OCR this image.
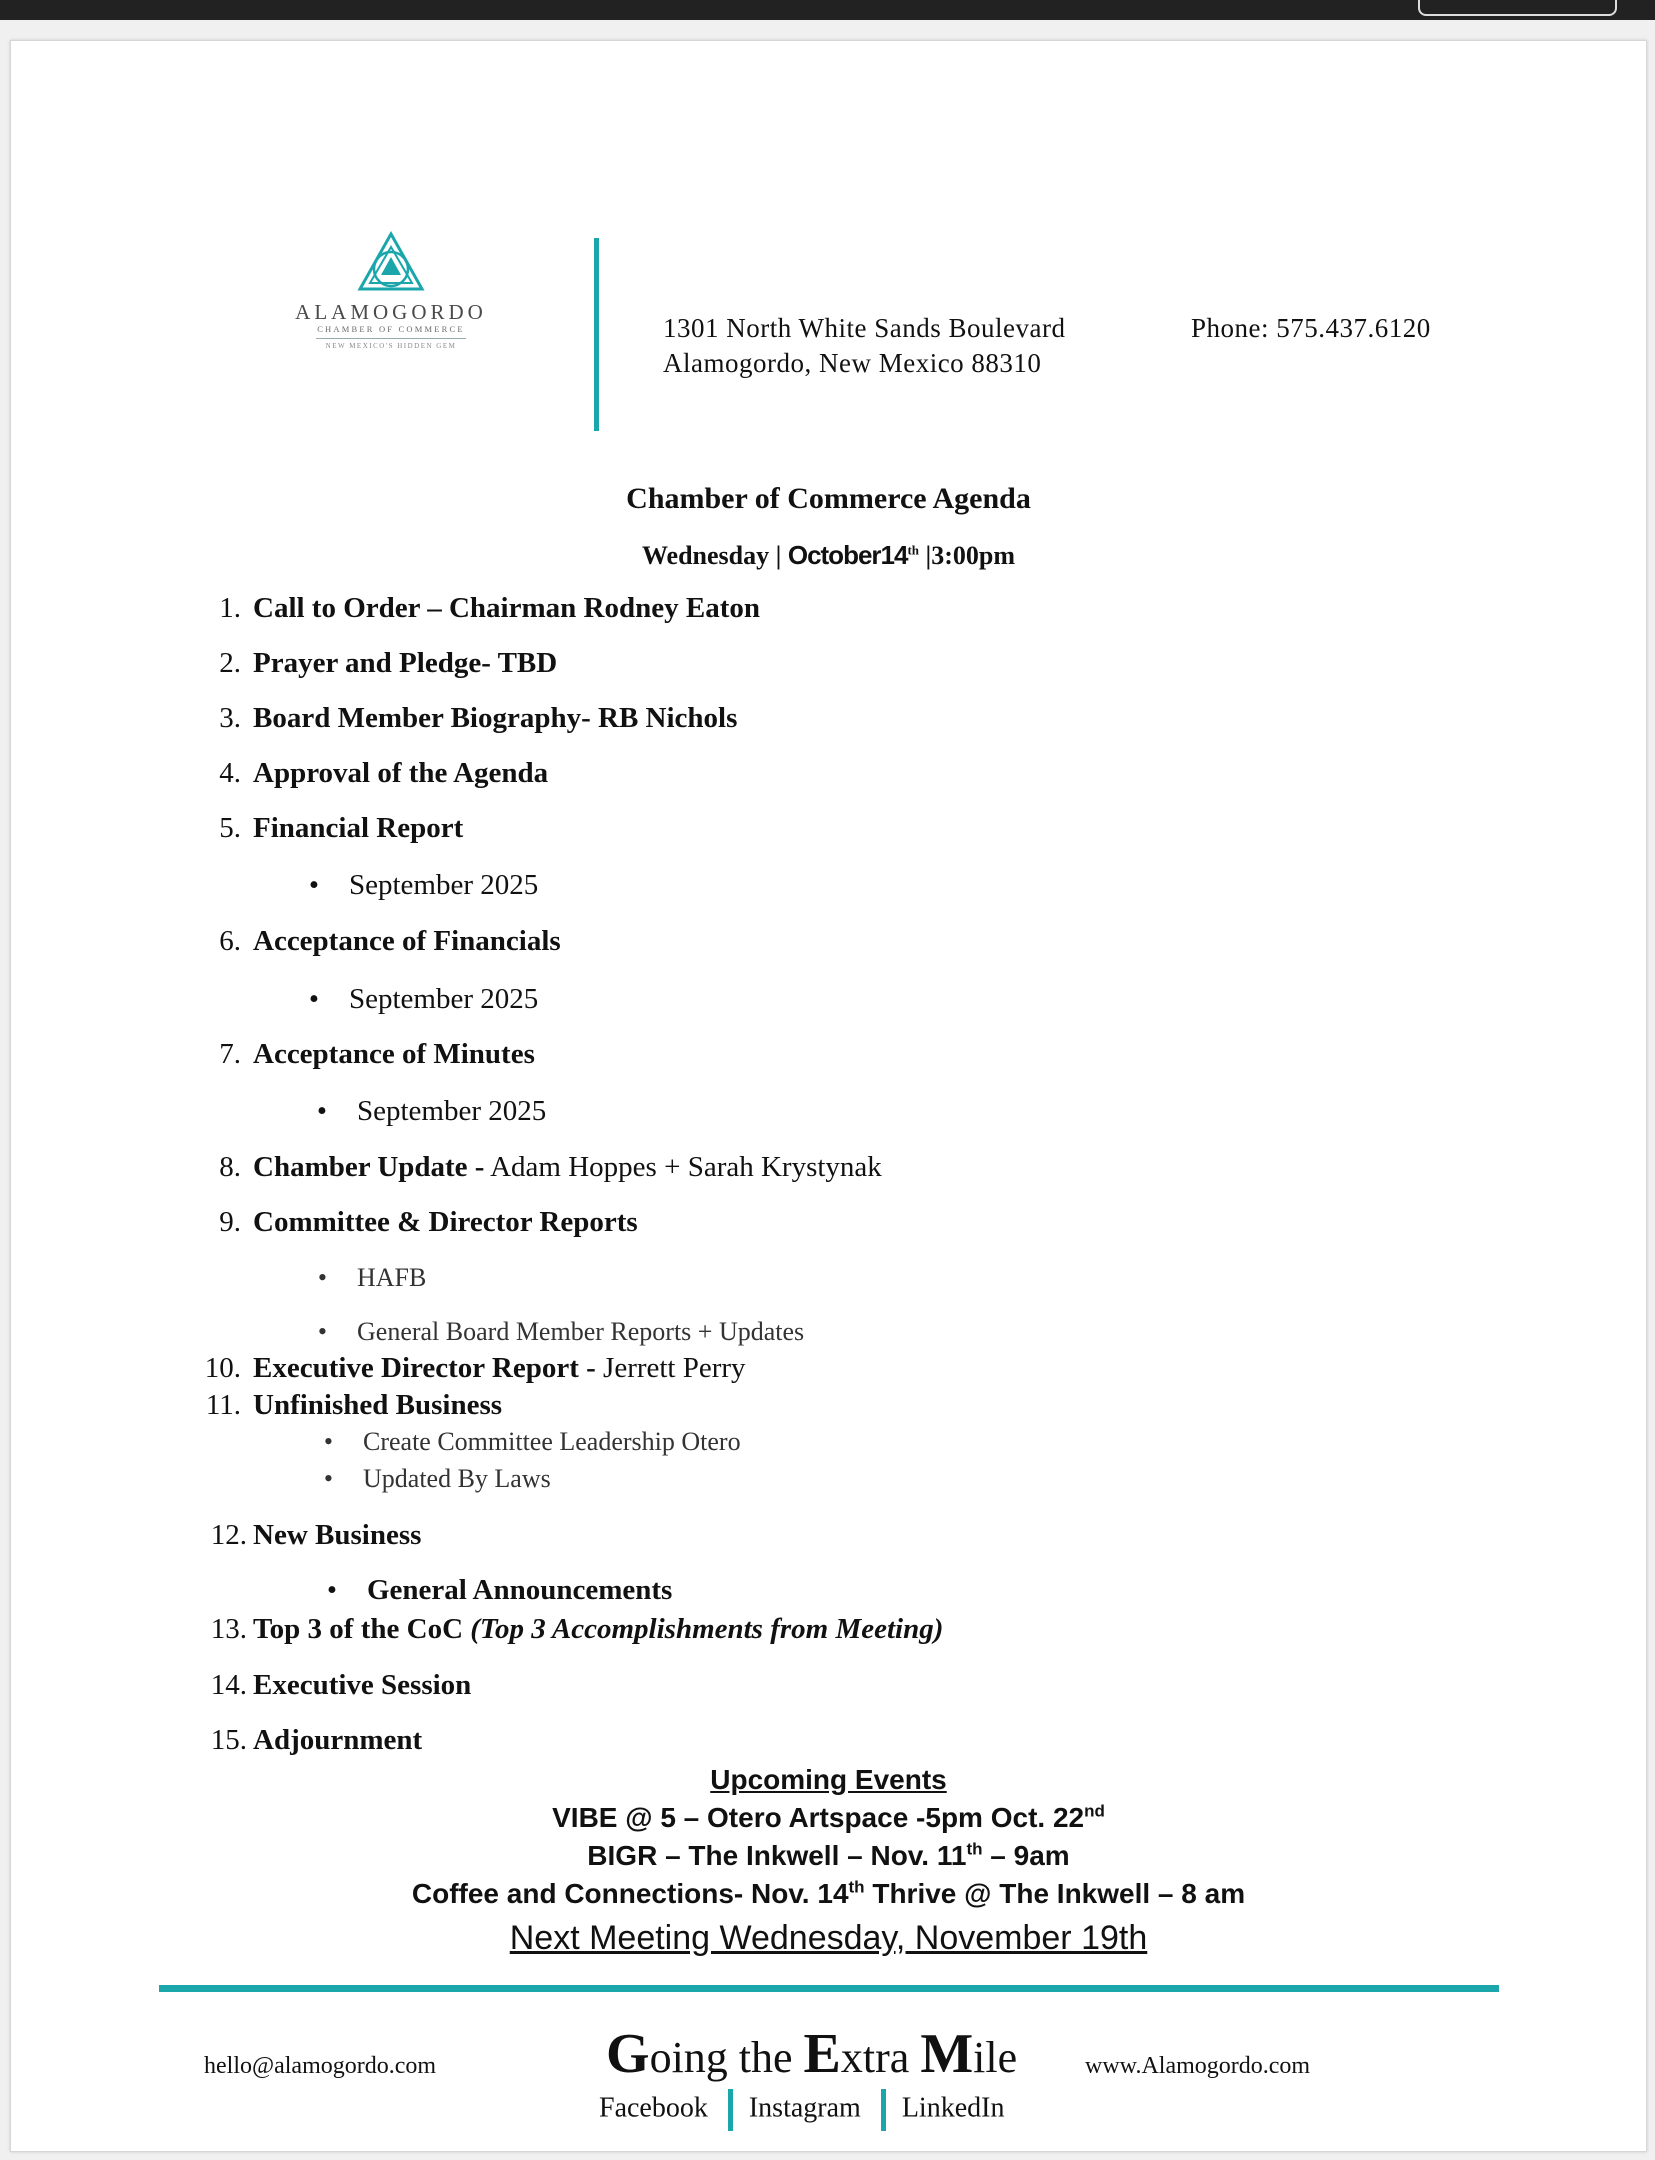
ALAMOGORDO
CHAMBER OF COMMERCE
NEW MEXICO'S HIDDEN GEM
1301 North White Sands Boulevard
Alamogordo, New Mexico 88310
Phone: 575.437.6120
Chamber of Commerce Agenda
Wednesday | October14th |3:00pm
1. Call to Order – Chairman Rodney Eaton
2. Prayer and Pledge- TBD
3. Board Member Biography- RB Nichols
4. Approval of the Agenda
5. Financial Report
• September 2025
6. Acceptance of Financials
• September 2025
7. Acceptance of Minutes
• September 2025
8. Chamber Update - Adam Hoppes + Sarah Krystynak
9. Committee & Director Reports
• HAFB
• General Board Member Reports + Updates
10. Executive Director Report - Jerrett Perry
11. Unfinished Business
• Create Committee Leadership Otero
• Updated By Laws
12. New Business
• General Announcements
13. Top 3 of the CoC (Top 3 Accomplishments from Meeting)
14. Executive Session
15. Adjournment
Upcoming Events
VIBE @ 5 – Otero Artspace -5pm Oct. 22nd
BIGR – The Inkwell – Nov. 11th – 9am
Coffee and Connections- Nov. 14th Thrive @ The Inkwell – 8 am
Next Meeting Wednesday, November 19th
hello@alamogordo.com	Going the Extra Mile	www.Alamogordo.com
Facebook Instagram LinkedIn
